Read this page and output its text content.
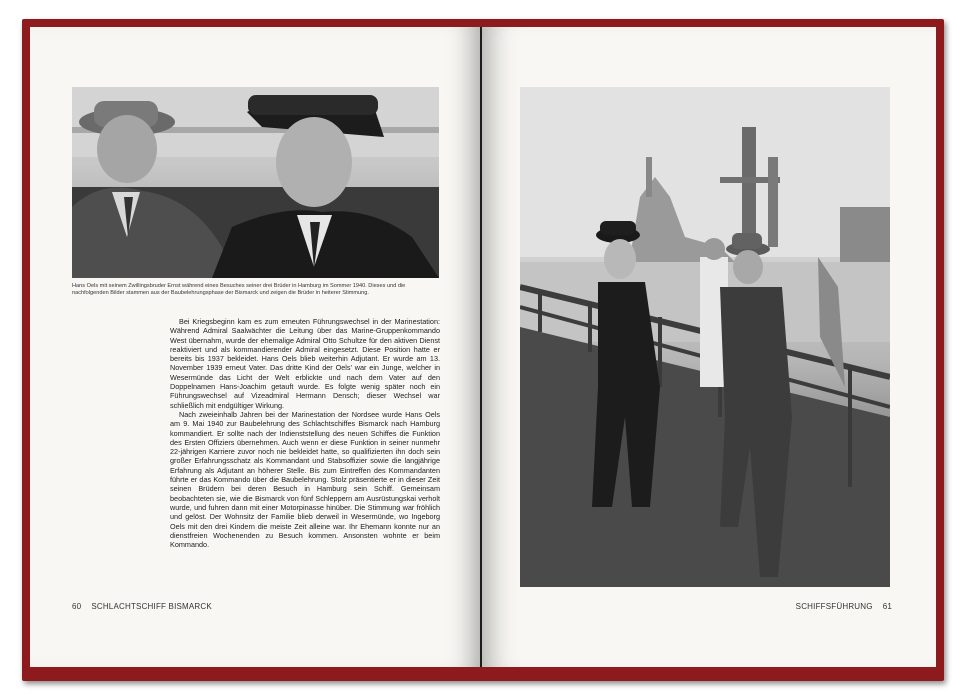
Hans Oels mit seinem Zwillingsbruder Ernst während eines Besuches seiner drei Brüder in Hamburg im Sommer 1940. Dieses und die nachfolgenden Bilder stammen aus der Baubelehrungsphase der Bismarck und zeigen die Brüder in heiterer Stimmung.

Bei Kriegsbeginn kam es zum erneuten Führungswechsel in der Marinestation: Während Admiral Saalwächter die Leitung über das Marine-Gruppenkommando West übernahm, wurde der ehemalige Admiral Otto Schultze für den aktiven Dienst reaktiviert und als kommandierender Admiral eingesetzt. Diese Position hatte er bereits bis 1937 bekleidet. Hans Oels blieb weiterhin Adjutant. Er wurde am 13. November 1939 erneut Vater. Das dritte Kind der Oels’ war ein Junge, welcher in Wesermünde das Licht der Welt erblickte und nach dem Vater auf den Doppelnamen Hans-Joachim getauft wurde. Es folgte wenig später noch ein Führungswechsel auf Vizeadmiral Hermann Densch; dieser Wechsel war schließlich mit endgültiger Wirkung.

Nach zweieinhalb Jahren bei der Marinestation der Nordsee wurde Hans Oels am 9. Mai 1940 zur Baubelehrung des Schlachtschiffes Bismarck nach Hamburg kommandiert. Er sollte nach der Indienststellung des neuen Schiffes die Funktion des Ersten Offiziers übernehmen. Auch wenn er diese Funktion in seiner nunmehr 22-jährigen Karriere zuvor noch nie bekleidet hatte, so qualifizierten ihn doch sein großer Erfahrungsschatz als Kommandant und Stabsoffizier sowie die langjährige Erfahrung als Adjutant an höherer Stelle. Bis zum Eintreffen des Kommandanten führte er das Kommando über die Baubelehrung. Stolz präsentierte er in dieser Zeit seinen Brüdern bei deren Besuch in Hamburg sein Schiff. Gemeinsam beobachteten sie, wie die Bismarck von fünf Schleppern am Ausrüstungskai verholt wurde, und fuhren dann mit einer Motorpinasse hinüber. Die Stimmung war fröhlich und gelöst. Der Wohnsitz der Familie blieb derweil in Wesermünde, wo Ingeborg Oels mit den drei Kindern die meiste Zeit alleine war. Ihr Ehemann konnte nur an dienstfreien Wochenenden zu Besuch kommen. Ansonsten wohnte er beim Kommando.

60 SCHLACHTSCHIFF BISMARCK	SCHIFFSFÜHRUNG 61
